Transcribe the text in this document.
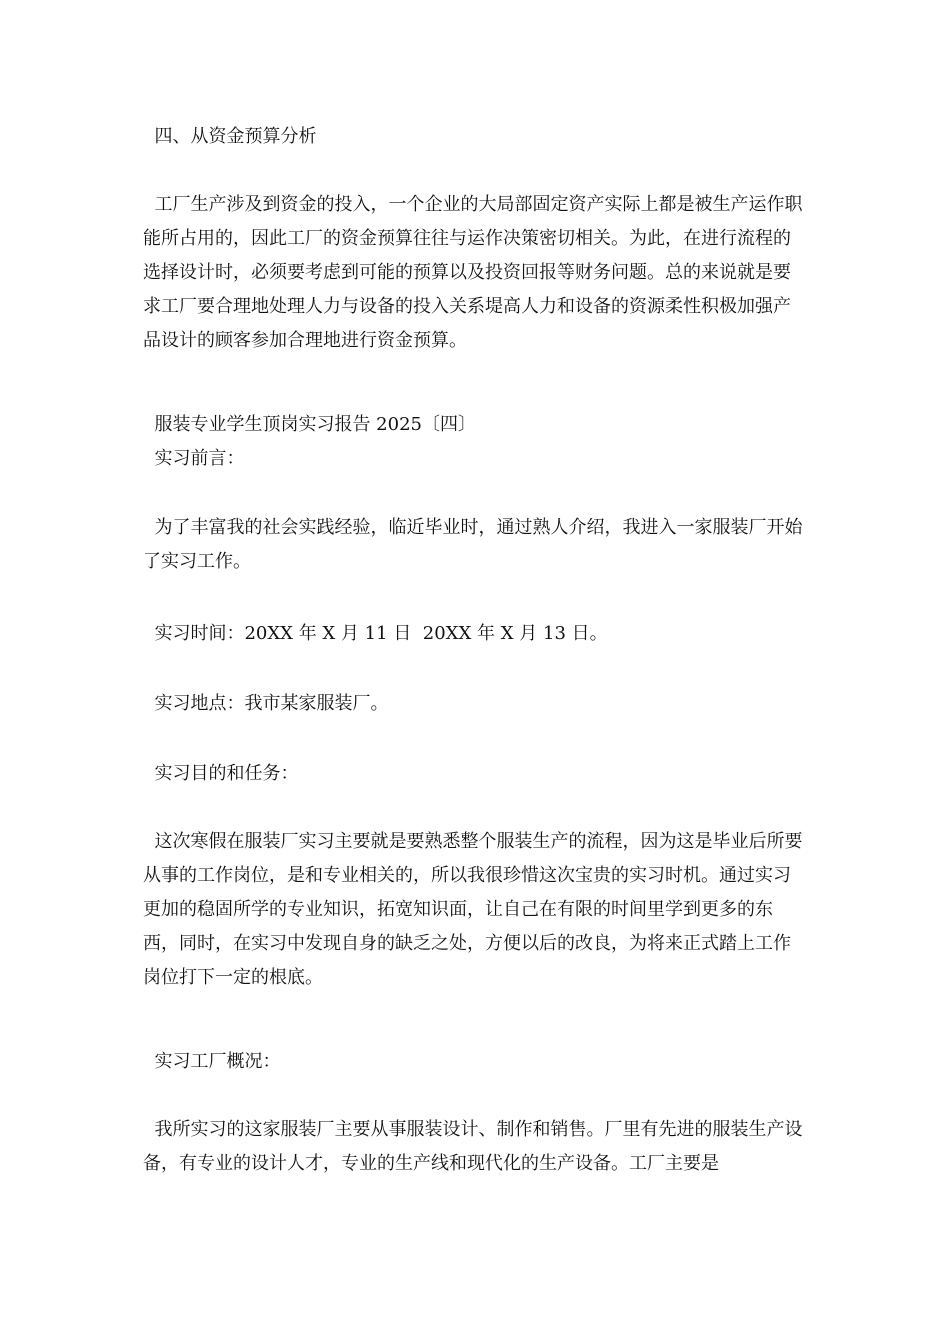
四、从资金预算分析

工厂生产涉及到资金的投入，一个企业的大局部固定资产实际上都是被生产运作职能所占用的，因此工厂的资金预算往往与运作决策密切相关。为此，在进行流程的选择设计时，必须要考虑到可能的预算以及投资回报等财务问题。总的来说就是要求工厂要合理地处理人力与设备的投入关系堤高人力和设备的资源柔性积极加强产品设计的顾客参加合理地进行资金预算。

服装专业学生顶岗实习报告 2025〔四〕

实习前言：

为了丰富我的社会实践经验，临近毕业时，通过熟人介绍，我进入一家服装厂开始了实习工作。

实习时间：20XX 年 X 月 11 日  20XX 年 X 月 13 日。

实习地点：我市某家服装厂。

实习目的和任务：

这次寒假在服装厂实习主要就是要熟悉整个服装生产的流程，因为这是毕业后所要从事的工作岗位，是和专业相关的，所以我很珍惜这次宝贵的实习时机。通过实习更加的稳固所学的专业知识，拓宽知识面，让自己在有限的时间里学到更多的东西，同时，在实习中发现自身的缺乏之处，方便以后的改良，为将来正式踏上工作岗位打下一定的根底。

实习工厂概况：

我所实习的这家服装厂主要从事服装设计、制作和销售。厂里有先进的服装生产设备，有专业的设计人才，专业的生产线和现代化的生产设备。工厂主要是
